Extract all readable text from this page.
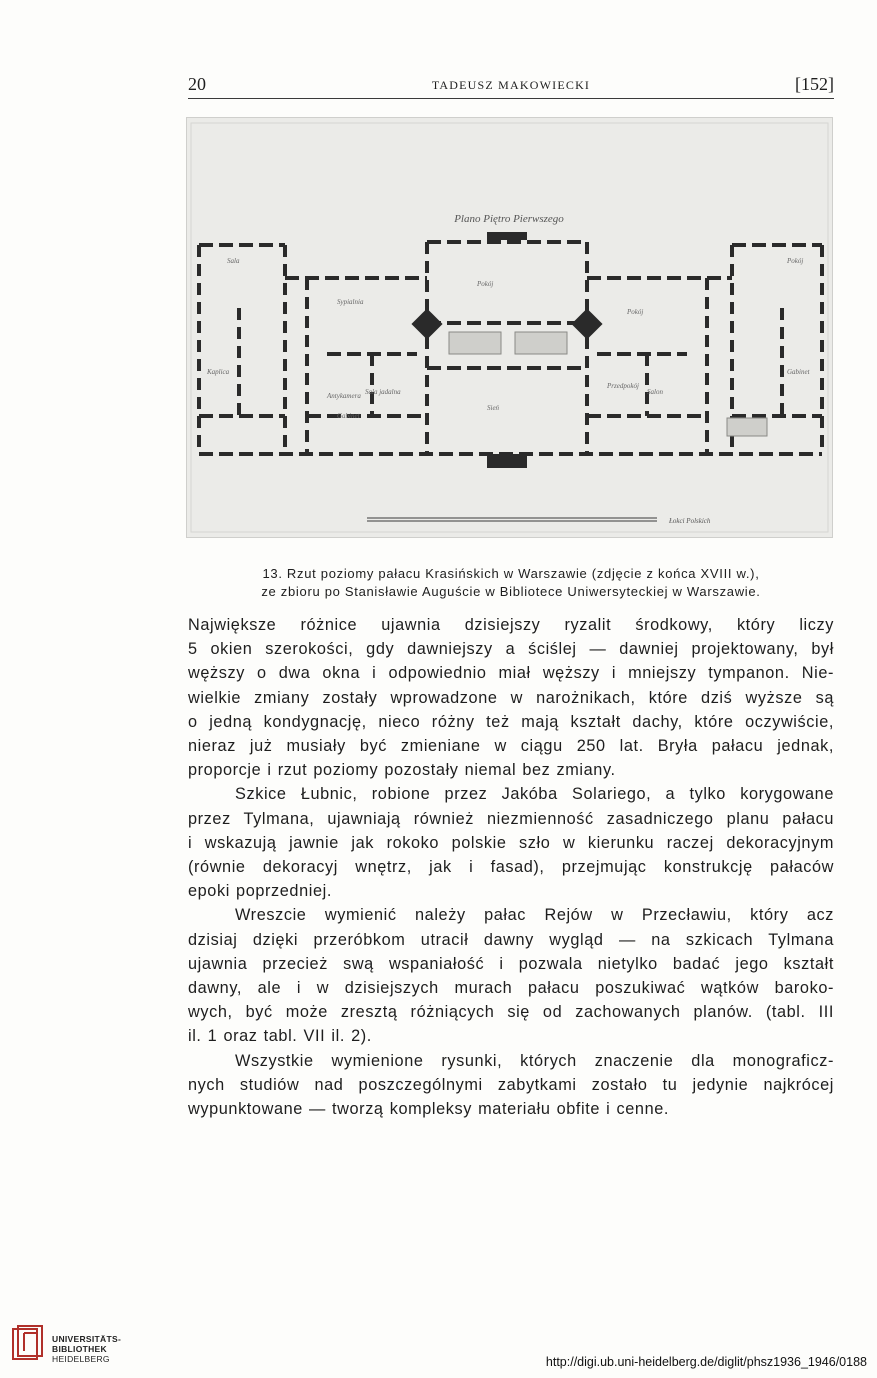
20	TADEUSZ MAKOWIECKI	[152]
Plano Piętro Pierwszego
Sala	Pokój
Sypialnia
Pokój
Pokój
Kaplica	Gabinet
Antykamera
Sień
Przedpokój
Sala jadalna	Salon
Gabinet
Łokci Polskich
13. Rzut poziomy pałacu Krasińskich w Warszawie (zdjęcie z końca XVIII w.),
ze zbioru po Stanisławie Auguście w Bibliotece Uniwersyteckiej w Warszawie.
Największe różnice ujawnia dzisiejszy ryzalit środkowy, który liczy
5 okien szerokości, gdy dawniejszy a ściślej — dawniej projektowany, był
węższy o dwa okna i odpowiednio miał węższy i mniejszy tympanon. Nie-
wielkie zmiany zostały wprowadzone w narożnikach, które dziś wyższe są
o jedną kondygnację, nieco różny też mają kształt dachy, które oczywiście,
nieraz już musiały być zmieniane w ciągu 250 lat. Bryła pałacu jednak,
proporcje i rzut poziomy pozostały niemal bez zmiany.
Szkice Łubnic, robione przez Jakóba Solariego, a tylko korygowane
przez Tylmana, ujawniają również niezmienność zasadniczego planu pałacu
i wskazują jawnie jak rokoko polskie szło w kierunku raczej dekoracyjnym
(równie dekoracyj wnętrz, jak i fasad), przejmując konstrukcję pałaców
epoki poprzedniej.
Wreszcie wymienić należy pałac Rejów w Przecławiu, który acz
dzisiaj dzięki przeróbkom utracił dawny wygląd — na szkicach Tylmana
ujawnia przecież swą wspaniałość i pozwala nietylko badać jego kształt
dawny, ale i w dzisiejszych murach pałacu poszukiwać wątków baroko-
wych, być może zresztą różniących się od zachowanych planów. (tabl. III
il. 1 oraz tabl. VII il. 2).
Wszystkie wymienione rysunki, których znaczenie dla monograficz-
nych studiów nad poszczególnymi zabytkami zostało tu jedynie najkrócej
wypunktowane — tworzą kompleksy materiału obfite i cenne.
UNIVERSITÄTS-
BIBLIOTHEK
HEIDELBERG	http://digi.ub.uni-heidelberg.de/diglit/phsz1936_1946/0188
